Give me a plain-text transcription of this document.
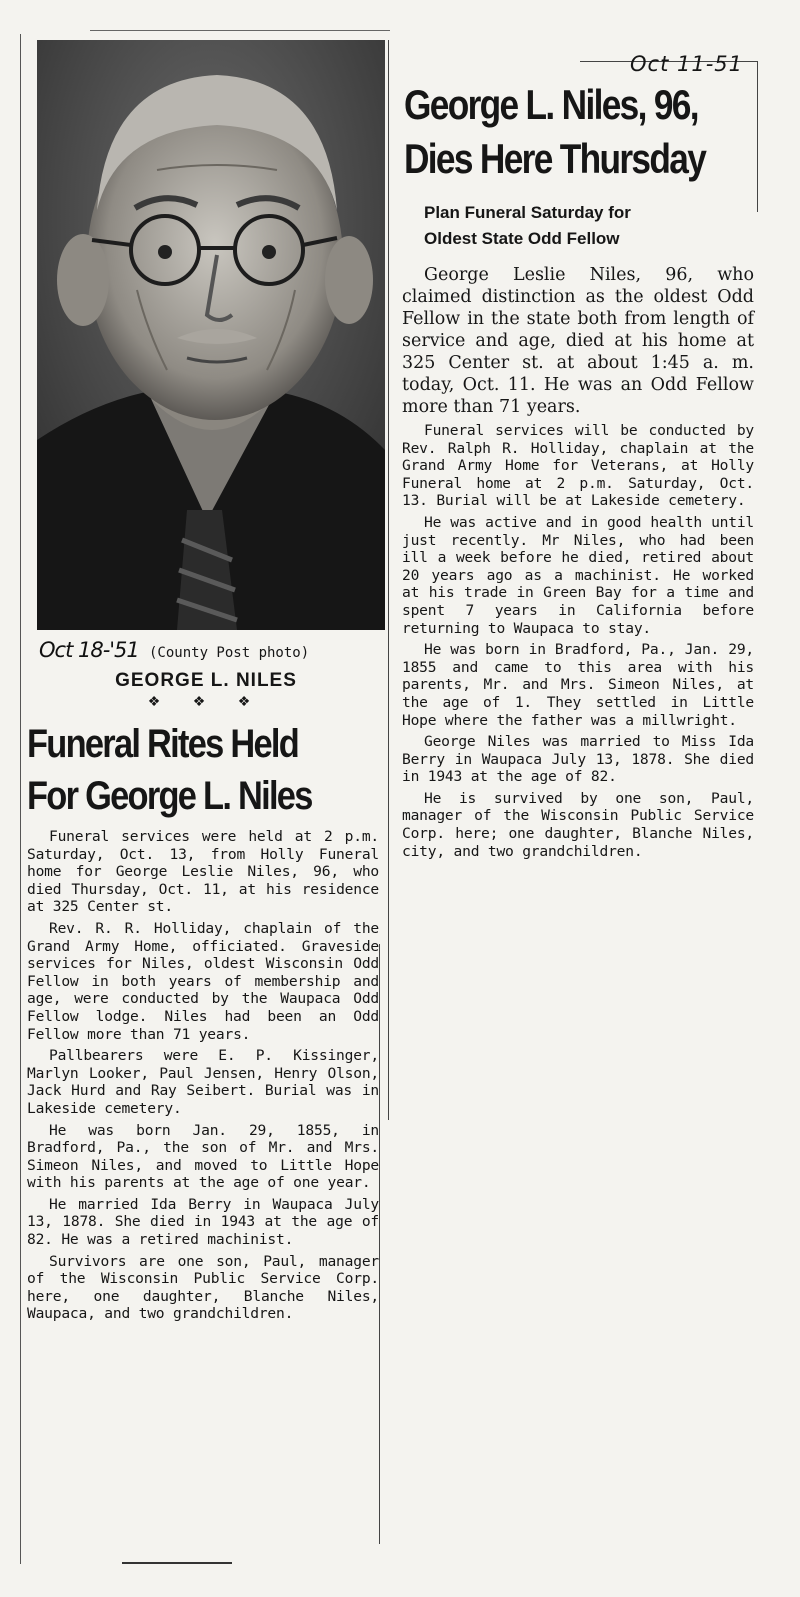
Oct 18-'51 (County Post photo)
GEORGE L. NILES
❖ ❖ ❖
Funeral Rites Held
For George L. Niles

Funeral services were held at 2 p.m. Saturday, Oct. 13, from Holly Funeral home for George Leslie Niles, 96, who died Thursday, Oct. 11, at his residence at 325 Center st.

Rev. R. R. Holliday, chaplain of the Grand Army Home, officiated. Graveside services for Niles, oldest Wisconsin Odd Fellow in both years of membership and age, were conducted by the Waupaca Odd Fellow lodge. Niles had been an Odd Fellow more than 71 years.

Pallbearers were E. P. Kissinger, Marlyn Looker, Paul Jensen, Henry Olson, Jack Hurd and Ray Seibert. Burial was in Lakeside cemetery.

He was born Jan. 29, 1855, in Bradford, Pa., the son of Mr. and Mrs. Simeon Niles, and moved to Little Hope with his parents at the age of one year.

He married Ida Berry in Waupaca July 13, 1878. She died in 1943 at the age of 82. He was a retired machinist.

Survivors are one son, Paul, manager of the Wisconsin Public Service Corp. here, one daughter, Blanche Niles, Waupaca, and two grandchildren.

Oct 11-51
George L. Niles, 96,
Dies Here Thursday
Plan Funeral Saturday for
Oldest State Odd Fellow

George Leslie Niles, 96, who claimed distinction as the oldest Odd Fellow in the state both from length of service and age, died at his home at 325 Center st. at about 1:45 a. m. today, Oct. 11. He was an Odd Fellow more than 71 years.

Funeral services will be conducted by Rev. Ralph R. Holliday, chaplain at the Grand Army Home for Veterans, at Holly Funeral home at 2 p.m. Saturday, Oct. 13. Burial will be at Lakeside cemetery.

He was active and in good health until just recently. Mr Niles, who had been ill a week before he died, retired about 20 years ago as a machinist. He worked at his trade in Green Bay for a time and spent 7 years in California before returning to Waupaca to stay.

He was born in Bradford, Pa., Jan. 29, 1855 and came to this area with his parents, Mr. and Mrs. Simeon Niles, at the age of 1. They settled in Little Hope where the father was a millwright.

George Niles was married to Miss Ida Berry in Waupaca July 13, 1878. She died in 1943 at the age of 82.

He is survived by one son, Paul, manager of the Wisconsin Public Service Corp. here; one daughter, Blanche Niles, city, and two grandchildren.
